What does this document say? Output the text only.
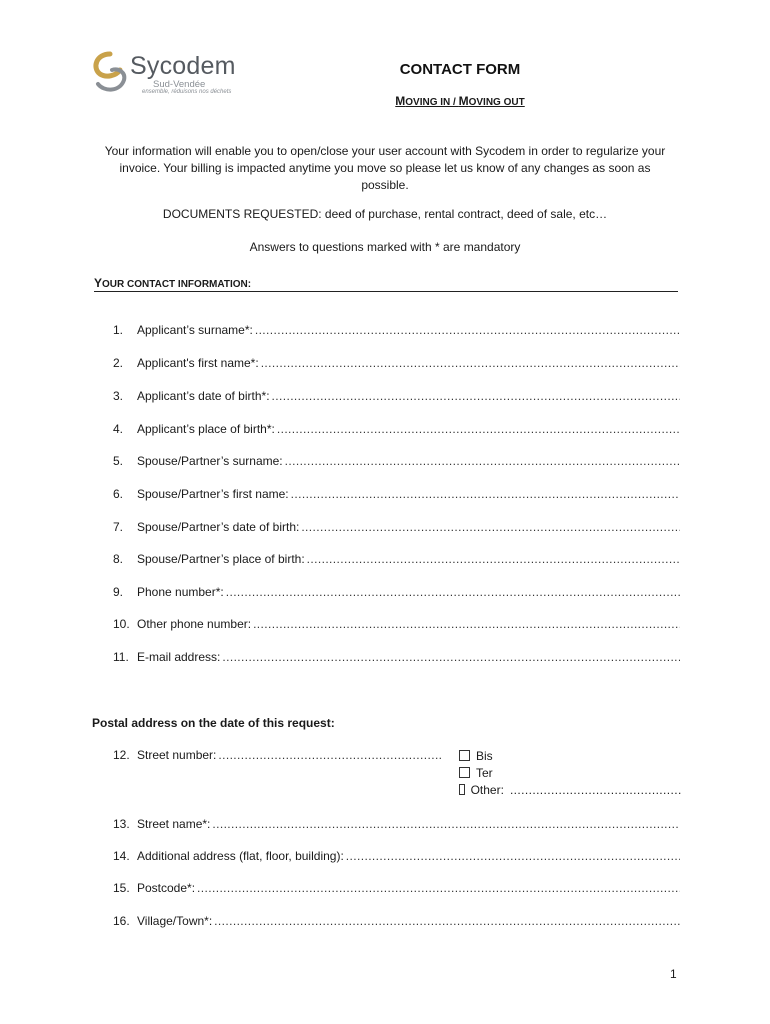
Sycodem
Sud-Vendée
ensemble, réduisons nos déchets
CONTACT FORM
MOVING IN / MOVING OUT
Your information will enable you to open/close your user account with Sycodem in order to regularize your invoice. Your billing is impacted anytime you move so please let us know of any changes as soon as possible.
DOCUMENTS REQUESTED: deed of purchase, rental contract, deed of sale, etc…
Answers to questions marked with * are mandatory
YOUR CONTACT INFORMATION:
1.	Applicant’s surname*:
.....
2.	Applicant's first name*:
.....
3.	Applicant’s date of birth*:
.....
4.	Applicant’s place of birth*:
.....
5.	Spouse/Partner’s surname:
.....
6.	Spouse/Partner’s first name:
.....
7.	Spouse/Partner’s date of birth:
.....
8.	Spouse/Partner’s place of birth:
.....
9.	Phone number*:
.....
10. Other phone number:
.....
11. E-mail address:
.....
Postal address on the date of this request:
12. Street number:
.....	Bis
Ter
Other:
.....
13. Street name*:
.....
14. Additional address (flat, floor, building):
.....
15. Postcode*:
.....
16. Village/Town*:
.....
1
